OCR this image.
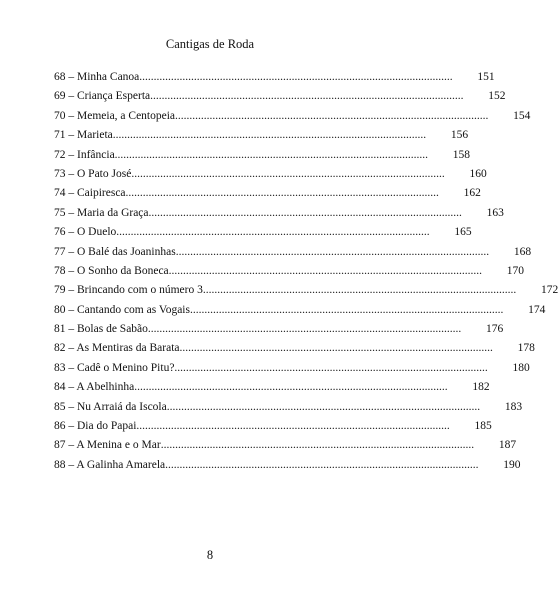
Cantigas de Roda
68 – Minha Canoa .............................................................................................................	151
69 – Criança Esperta .............................................................................................................	152
70 – Memeia, a Centopeia .............................................................................................................	154
71 – Marieta .............................................................................................................	156
72 – Infância .............................................................................................................	158
73 – O Pato José .............................................................................................................	160
74 – Caipiresca .............................................................................................................	162
75 – Maria da Graça .............................................................................................................	163
76 – O Duelo .............................................................................................................	165
77 – O Balé das Joaninhas .............................................................................................................	168
78 – O Sonho da Boneca .............................................................................................................	170
79 – Brincando com o número 3 .............................................................................................................	172
80 – Cantando com as Vogais .............................................................................................................	174
81 – Bolas de Sabão .............................................................................................................	176
82 – As Mentiras da Barata .............................................................................................................	178
83 – Cadê o Menino Pitu? .............................................................................................................	180
84 – A Abelhinha .............................................................................................................	182
85 – Nu Arraiá da Iscola .............................................................................................................	183
86 – Dia do Papai .............................................................................................................	185
87 – A Menina e o Mar .............................................................................................................	187
88 – A Galinha Amarela .............................................................................................................	190
8
